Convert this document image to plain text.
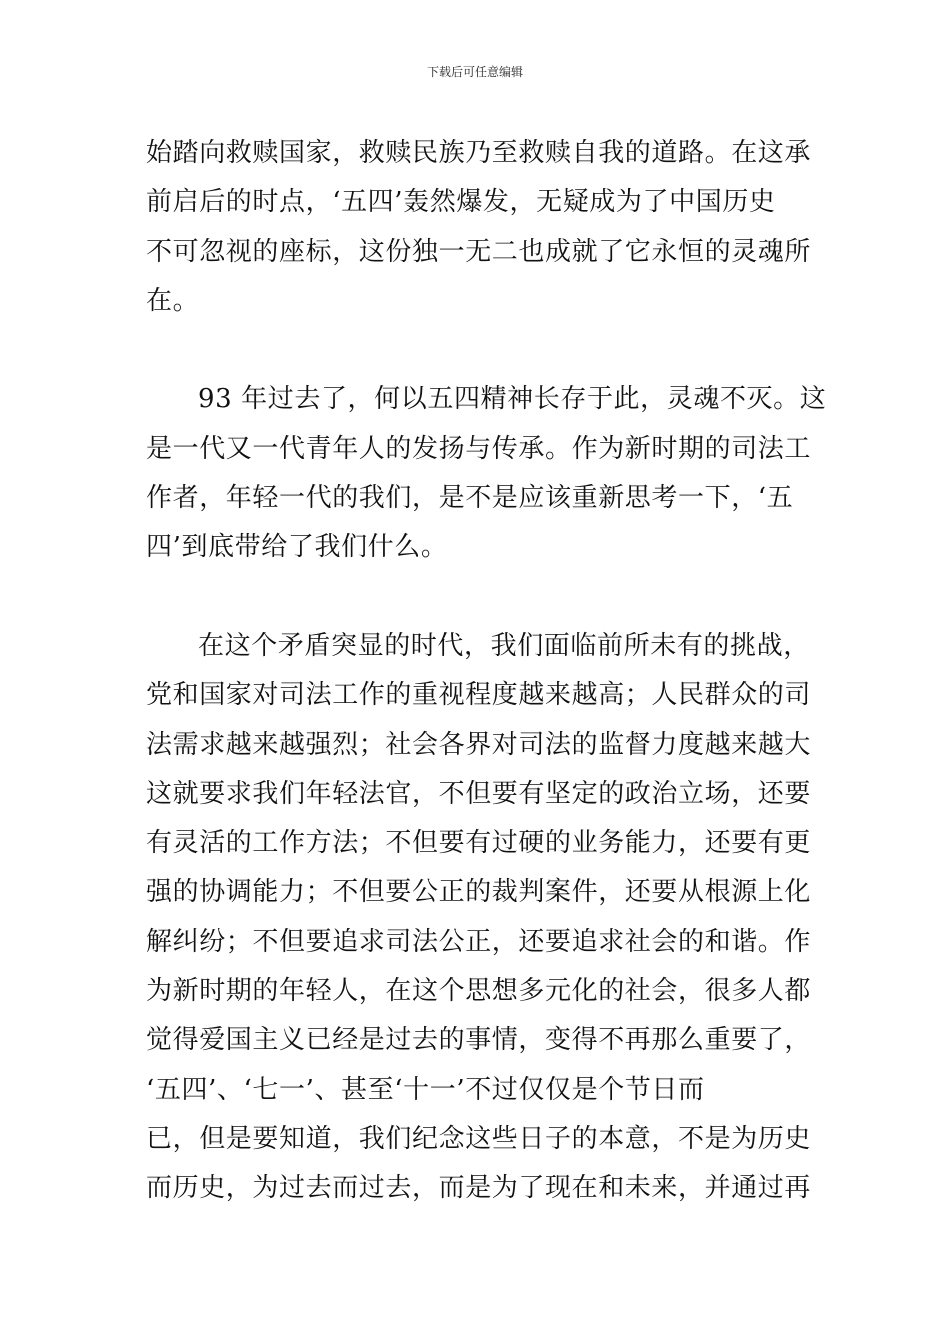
下载后可任意编辑
始踏向救赎国家，救赎民族乃至救赎自我的道路。在这承
前启后的时点，‘五四’轰然爆发，无疑成为了中国历史
不可忽视的座标，这份独一无二也成就了它永恒的灵魂所
在。
93 年过去了，何以五四精神长存于此，灵魂不灭。这
是一代又一代青年人的发扬与传承。作为新时期的司法工
作者，年轻一代的我们，是不是应该重新思考一下，‘五
四’到底带给了我们什么。
在这个矛盾突显的时代，我们面临前所未有的挑战，
党和国家对司法工作的重视程度越来越高；人民群众的司
法需求越来越强烈；社会各界对司法的监督力度越来越大
这就要求我们年轻法官，不但要有坚定的政治立场，还要
有灵活的工作方法；不但要有过硬的业务能力，还要有更
强的协调能力；不但要公正的裁判案件，还要从根源上化
解纠纷；不但要追求司法公正，还要追求社会的和谐。作
为新时期的年轻人，在这个思想多元化的社会，很多人都
觉得爱国主义已经是过去的事情，变得不再那么重要了，
‘五四’、‘七一’、甚至‘十一’不过仅仅是个节日而
已，但是要知道，我们纪念这些日子的本意，不是为历史
而历史，为过去而过去，而是为了现在和未来，并通过再
